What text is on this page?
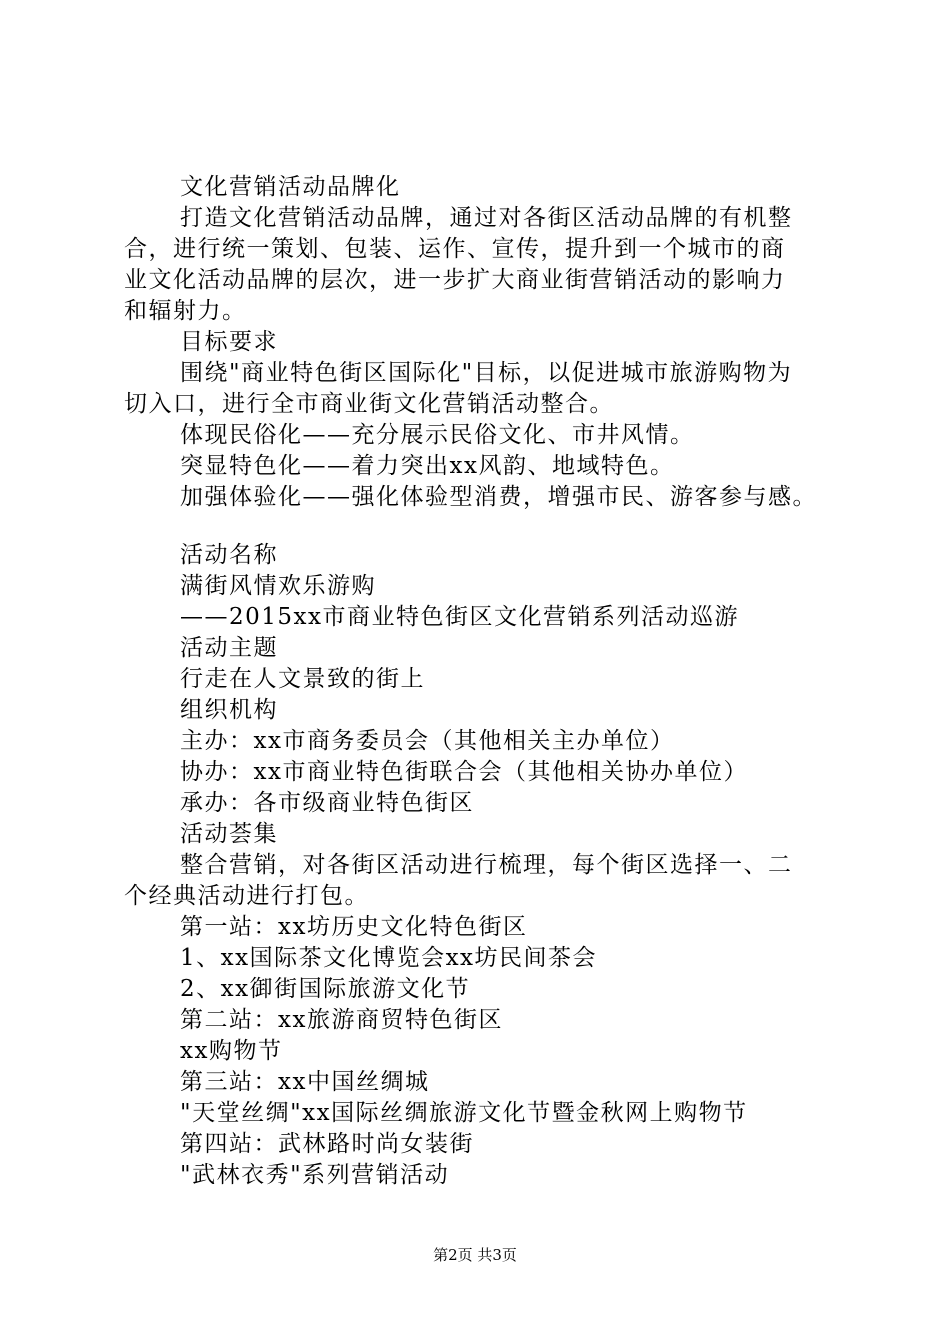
文化营销活动品牌化
打造文化营销活动品牌，通过对各街区活动品牌的有机整
合，进行统一策划、包装、运作、宣传，提升到一个城市的商
业文化活动品牌的层次，进一步扩大商业街营销活动的影响力
和辐射力。
目标要求
围绕"商业特色街区国际化"目标，以促进城市旅游购物为
切入口，进行全市商业街文化营销活动整合。
体现民俗化——充分展示民俗文化、市井风情。
突显特色化——着力突出xx风韵、地域特色。
加强体验化——强化体验型消费，增强市民、游客参与感。
活动名称
满街风情欢乐游购
——2015xx市商业特色街区文化营销系列活动巡游
活动主题
行走在人文景致的街上
组织机构
主办：xx市商务委员会（其他相关主办单位）
协办：xx市商业特色街联合会（其他相关协办单位）
承办：各市级商业特色街区
活动荟集
整合营销，对各街区活动进行梳理，每个街区选择一、二
个经典活动进行打包。
第一站：xx坊历史文化特色街区
1、xx国际茶文化博览会xx坊民间茶会
2、xx御街国际旅游文化节
第二站：xx旅游商贸特色街区
xx购物节
第三站：xx中国丝绸城
"天堂丝绸"xx国际丝绸旅游文化节暨金秋网上购物节
第四站：武林路时尚女装街
"武林衣秀"系列营销活动
第2页 共3页
